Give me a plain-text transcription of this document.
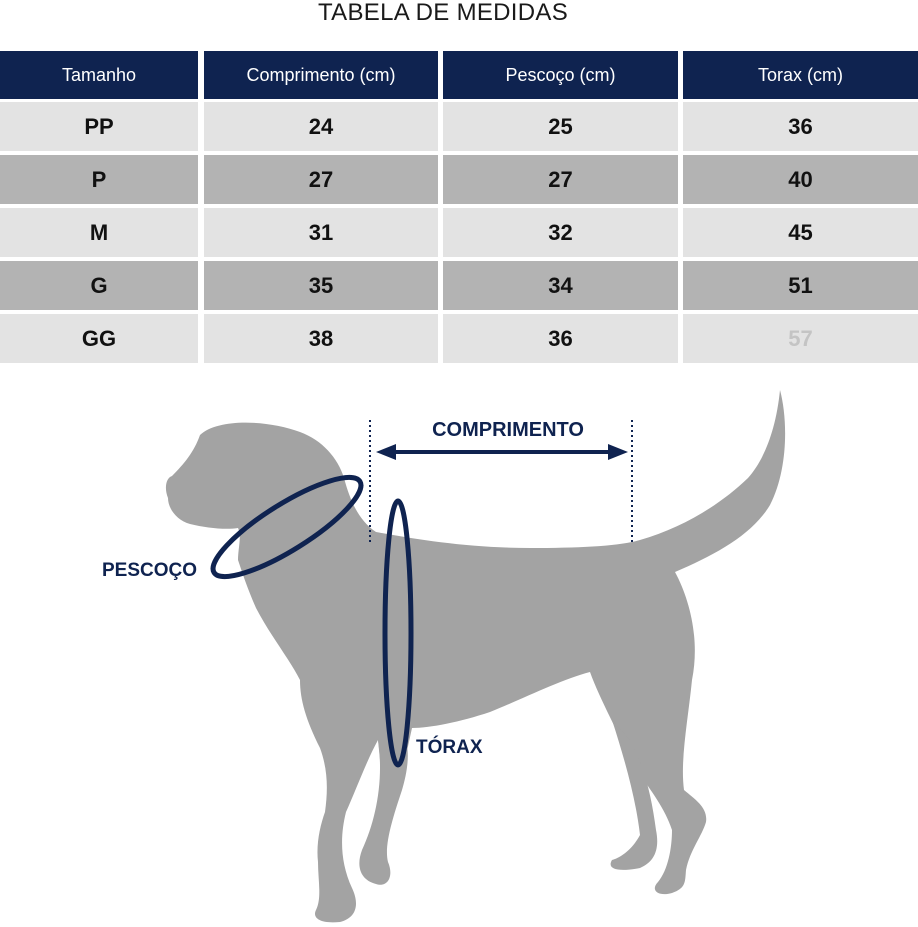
TABELA DE MEDIDAS
Tamanho	Comprimento (cm)	Pescoço (cm)	Torax (cm)
PP	24	25	36
P	27	27	40
M	31	32	45
G	35	34	51
GG	38	36	57
COMPRIMENTO
PESCOÇO
TÓRAX
